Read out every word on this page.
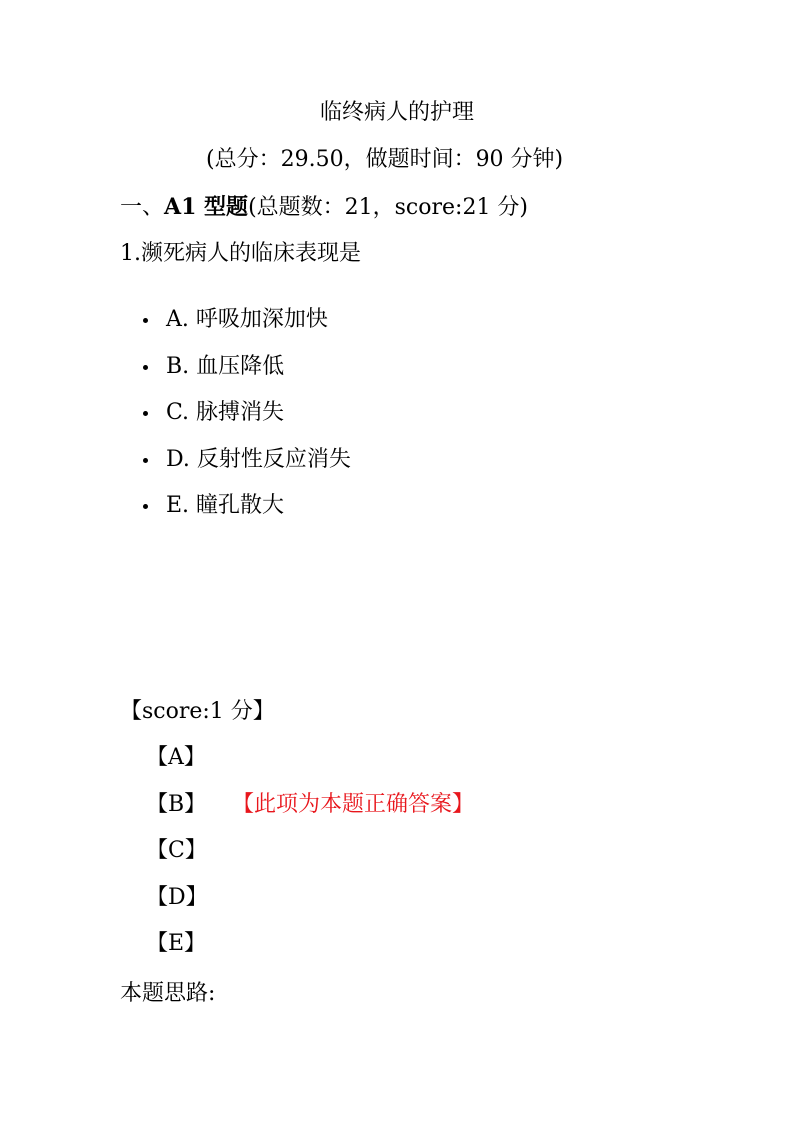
临终病人的护理
(总分：29.50，做题时间：90 分钟)
一、A1 型题(总题数：21，score:21 分)
1.濒死病人的临床表现是
A. 呼吸加深加快
B. 血压降低
C. 脉搏消失
D. 反射性反应消失
E. 瞳孔散大
【score:1 分】
【A】
【B】 【此项为本题正确答案】
【C】
【D】
【E】
本题思路:
